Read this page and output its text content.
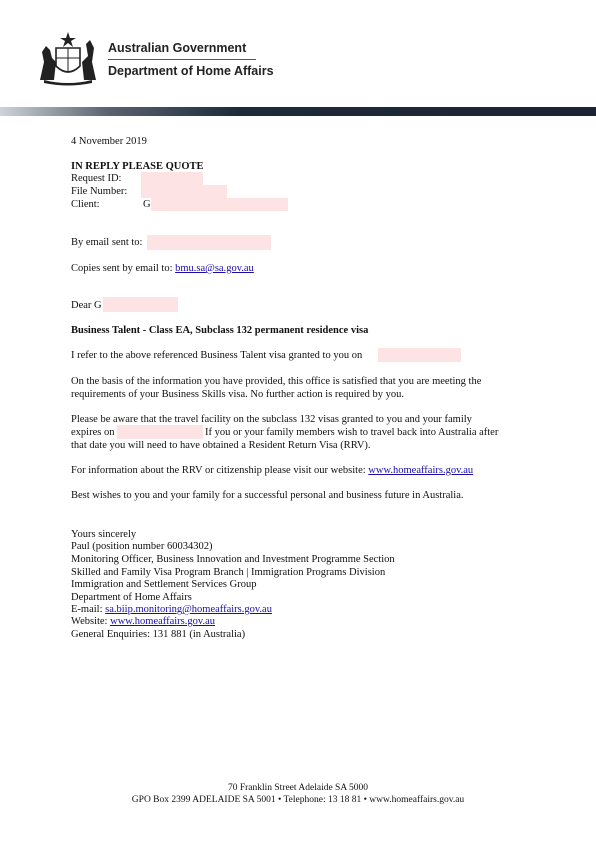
Australian Government
Department of Home Affairs
4 November 2019
IN REPLY PLEASE QUOTE
Request ID:
File Number:
Client:	G
By email sent to:
Copies sent by email to: bmu.sa@sa.gov.au
Dear G
Business Talent - Class EA, Subclass 132 permanent residence visa
I refer to the above referenced Business Talent visa granted to you on
On the basis of the information you have provided, this office is satisfied that you are meeting the
requirements of your Business Skills visa. No further action is required by you.
Please be aware that the travel facility on the subclass 132 visas granted to you and your family
expires on	If you or your family members wish to travel back into Australia after
that date you will need to have obtained a Resident Return Visa (RRV).
For information about the RRV or citizenship please visit our website: www.homeaffairs.gov.au
Best wishes to you and your family for a successful personal and business future in Australia.
Yours sincerely
Paul (position number 60034302)
Monitoring Officer, Business Innovation and Investment Programme Section
Skilled and Family Visa Program Branch | Immigration Programs Division
Immigration and Settlement Services Group
Department of Home Affairs
E-mail: sa.biip.monitoring@homeaffairs.gov.au
Website: www.homeaffairs.gov.au
General Enquiries: 131 881 (in Australia)
70 Franklin Street Adelaide SA 5000
GPO Box 2399 ADELAIDE SA 5001 • Telephone: 13 18 81 • www.homeaffairs.gov.au
